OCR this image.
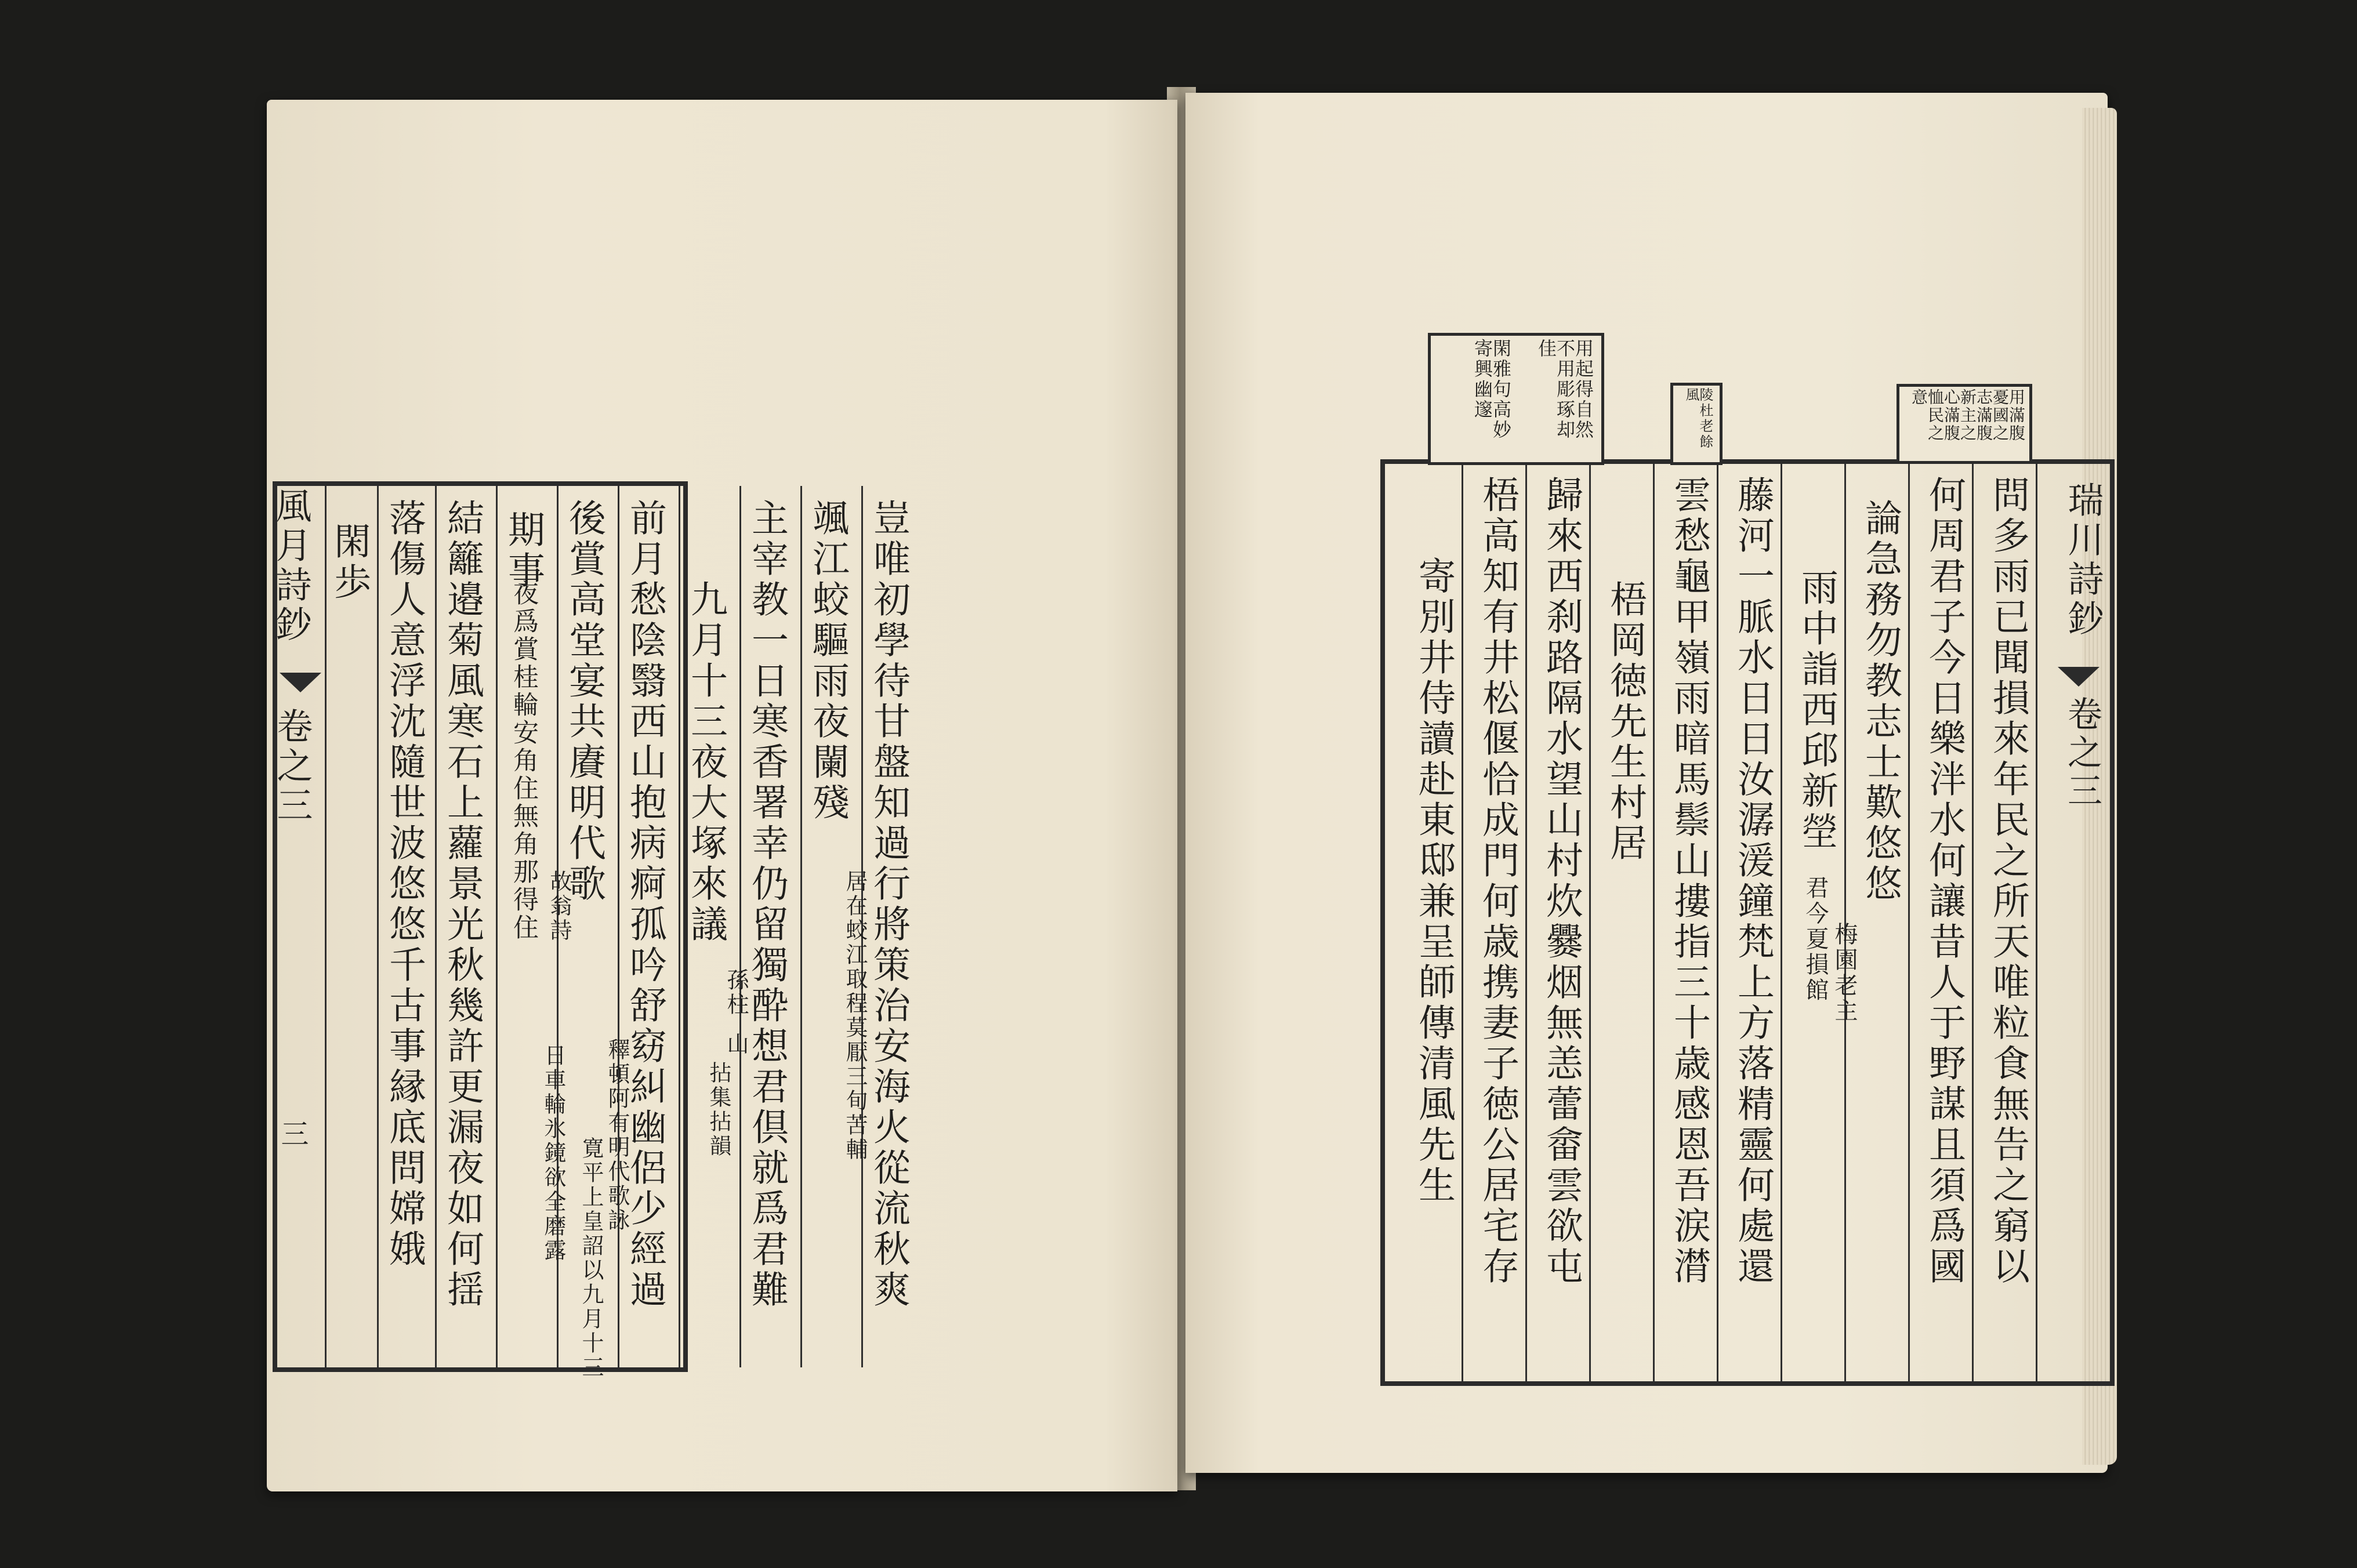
風月詩鈔
卷之三
三
閑歩 落傷人意浮沈隨世波悠悠千古事縁底問嫦娥 結籬邉菊風寒石上蘿景光秋幾許更漏夜如何揺 期事
夜爲賞桂輪安角住無角那得住 後賞高堂宴共賡明代歌 前月愁陰翳西山抱病痾孤吟舒窈糾幽侶少經過 九月十三夜大塚來議 主宰教一日寒香署幸仍留獨酔想君倶就爲君難 颯江蛟驅雨夜闌殘 豈唯初學待甘盤知過行將策治安海火從流秋爽
居在蛟江取程莫厭三旬苦輔
孫柱
山
拈集拈韻
釋頓阿有明代歌詠
寛平上皇詔以九月十三
日車輪氷鏡欲全磨露
故翁詩
瑞川詩鈔
卷之三
問多雨已聞損來年民之所天唯粒食無告之窮以
何周君子今日樂泮水何讓昔人于野謀且須爲國
論急務勿教志士歎悠悠
雨中詣西邱新塋
藤河一脈水日日汝潺湲鐘梵上方落精靈何處還
雲愁龜甲嶺雨暗馬鬃山摟指三十歳感恩吾涙潸
梧岡徳先生村居
歸來西刹路隔水望山村炊爨烟無恙蕾畲雲欲屯
梧高知有井松偃恰成門何歳携妻子徳公居宅存
寄別井侍讀赴東邸兼呈師傳清風先生	君今夏損館 梅園老主
用滿腹憂國之志滿腹新主之心滿腹恤民之意
陵杜老餘風
用起得自然不用彫琢却佳
閑雅句高妙寄興幽邃
